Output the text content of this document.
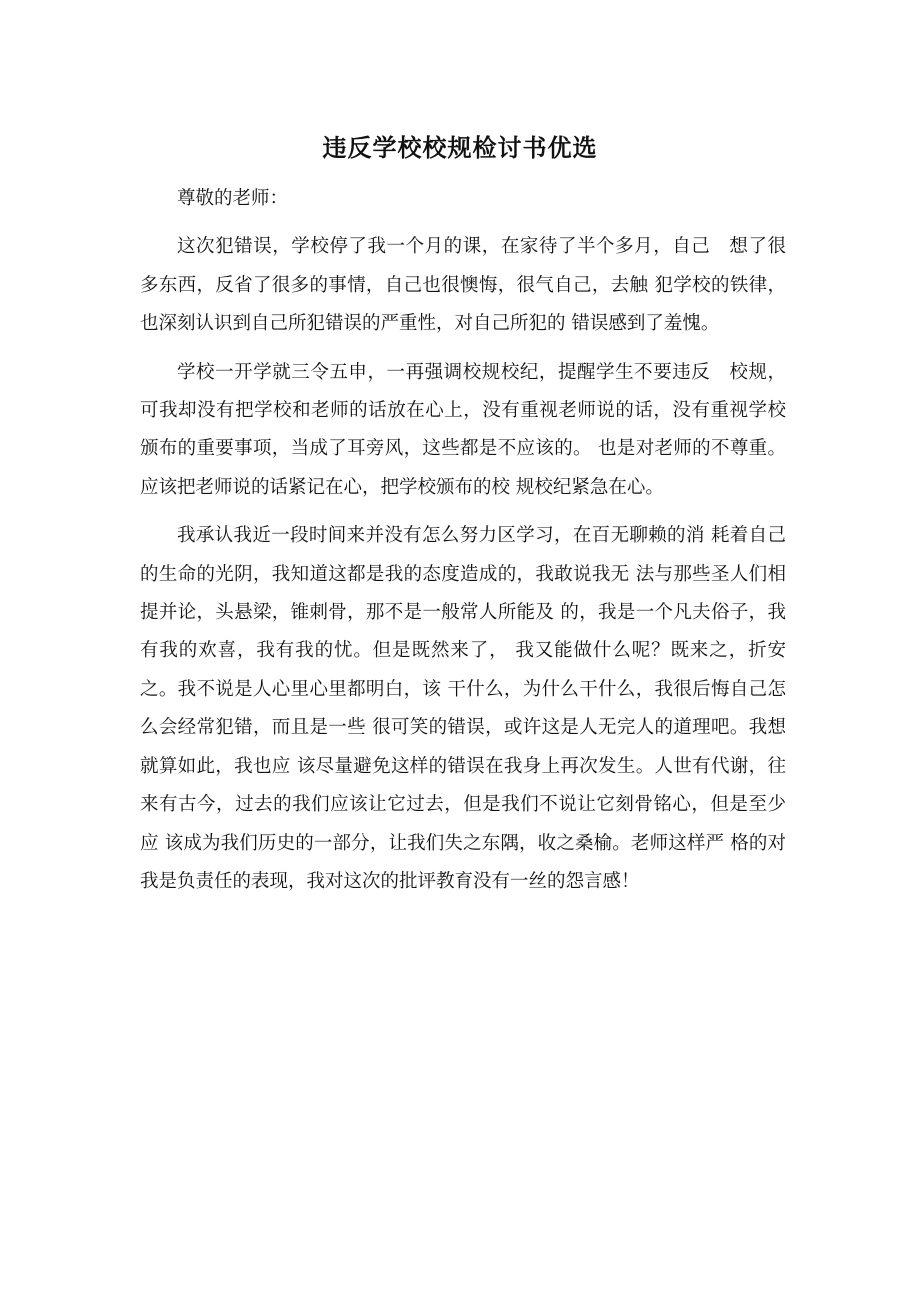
违反学校校规检讨书优选

尊敬的老师：

这次犯错误，学校停了我一个月的课，在家待了半个多月，自己　想了很多东西，反省了很多的事情，自己也很懊悔，很气自己，去触 犯学校的铁律，也深刻认识到自己所犯错误的严重性，对自己所犯的 错误感到了羞愧。

学校一开学就三令五申，一再强调校规校纪，提醒学生不要违反　校规，可我却没有把学校和老师的话放在心上，没有重视老师说的话，没有重视学校颁布的重要事项，当成了耳旁风，这些都是不应该的。 也是对老师的不尊重。应该把老师说的话紧记在心，把学校颁布的校 规校纪紧急在心。

我承认我近一段时间来并没有怎么努力区学习，在百无聊赖的消 耗着自己的生命的光阴，我知道这都是我的态度造成的，我敢说我无 法与那些圣人们相提并论，头悬梁，锥刺骨，那不是一般常人所能及 的，我是一个凡夫俗子，我有我的欢喜，我有我的忧。但是既然来了， 我又能做什么呢？既来之，折安之。我不说是人心里心里都明白，该 干什么，为什么干什么，我很后悔自己怎么会经常犯错，而且是一些 很可笑的错误，或许这是人无完人的道理吧。我想就算如此，我也应 该尽量避免这样的错误在我身上再次发生。人世有代谢，往来有古今，过去的我们应该让它过去，但是我们不说让它刻骨铭心，但是至少应 该成为我们历史的一部分，让我们失之东隅，收之桑榆。老师这样严 格的对我是负责任的表现，我对这次的批评教育没有一丝的怨言感！
